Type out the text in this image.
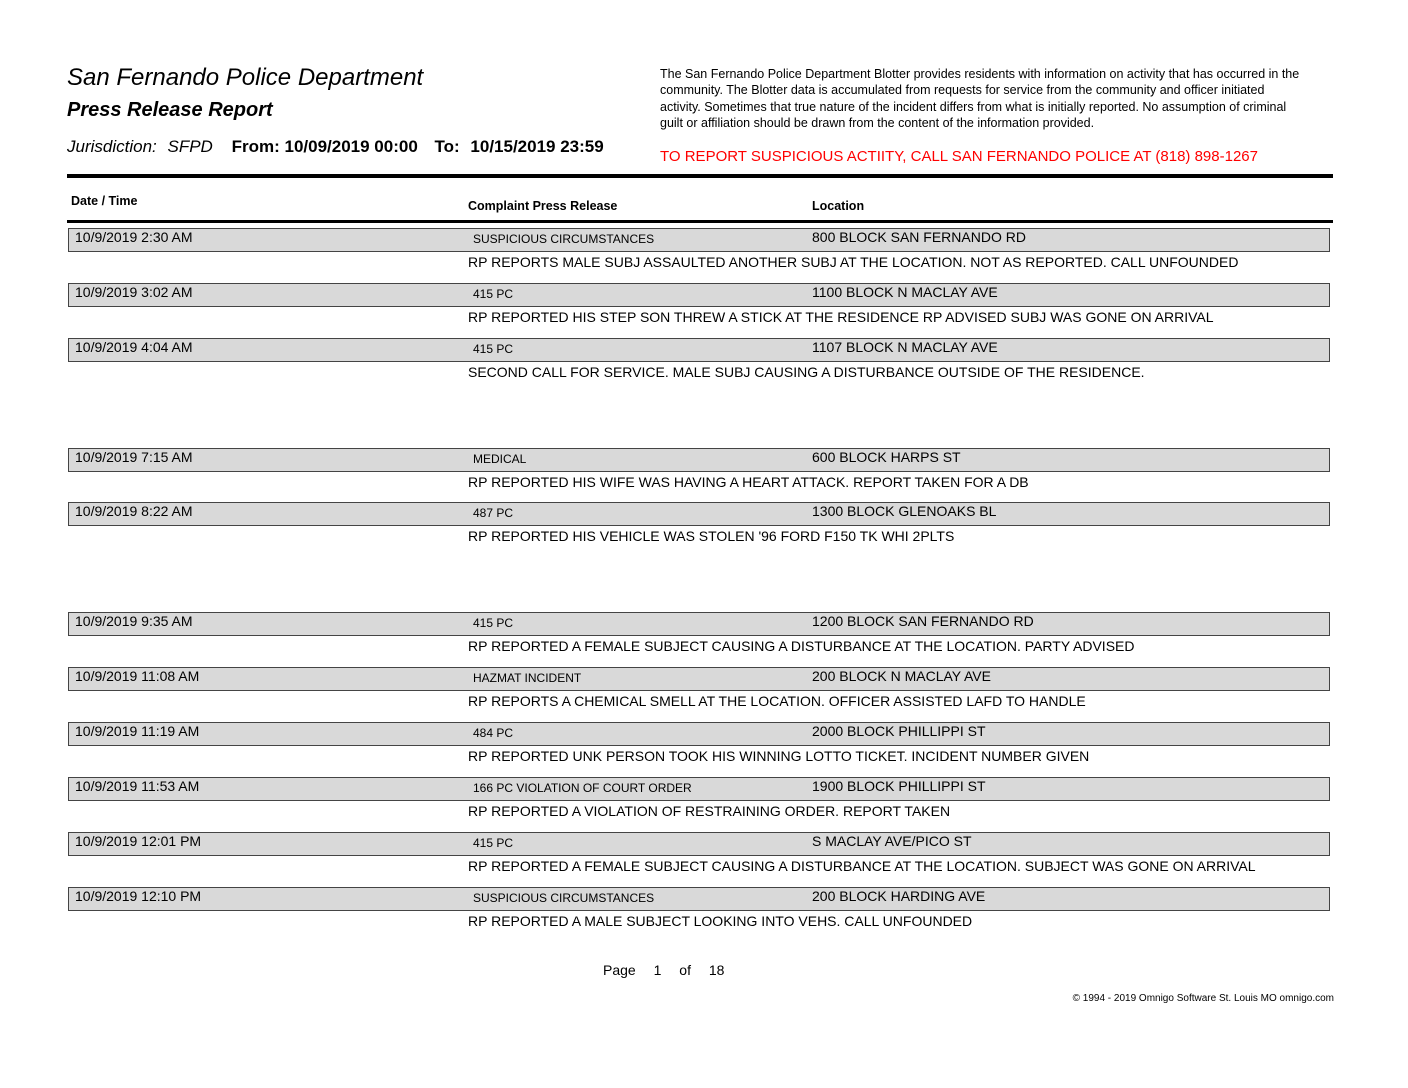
San Fernando Police Department
Press Release Report
Jurisdiction: SFPD From: 10/09/2019 00:00 To: 10/15/2019 23:59

The San Fernando Police Department Blotter provides residents with information on activity that has occurred in the community. The Blotter data is accumulated from requests for service from the community and officer initiated activity. Sometimes that true nature of the incident differs from what is initially reported. No assumption of criminal guilt or affiliation should be drawn from the content of the information provided.

TO REPORT SUSPICIOUS ACTIITY, CALL SAN FERNANDO POLICE AT (818) 898-1267
Date / Time	Complaint Press Release	Location
10/9/2019 2:30 AM	SUSPICIOUS CIRCUMSTANCES	800 BLOCK SAN FERNANDO RD
RP REPORTS MALE SUBJ ASSAULTED ANOTHER SUBJ AT THE LOCATION. NOT AS REPORTED. CALL UNFOUNDED
10/9/2019 3:02 AM	415 PC	1100 BLOCK N MACLAY AVE
RP REPORTED HIS STEP SON THREW A STICK AT THE RESIDENCE RP ADVISED SUBJ WAS GONE ON ARRIVAL
10/9/2019 4:04 AM	415 PC	1107 BLOCK N MACLAY AVE
SECOND CALL FOR SERVICE. MALE SUBJ CAUSING A DISTURBANCE OUTSIDE OF THE RESIDENCE.
10/9/2019 7:15 AM	MEDICAL	600 BLOCK HARPS ST
RP REPORTED HIS WIFE WAS HAVING A HEART ATTACK. REPORT TAKEN FOR A DB
10/9/2019 8:22 AM	487 PC	1300 BLOCK GLENOAKS BL
RP REPORTED HIS VEHICLE WAS STOLEN '96 FORD F150 TK WHI 2PLTS
10/9/2019 9:35 AM	415 PC	1200 BLOCK SAN FERNANDO RD
RP REPORTED A FEMALE SUBJECT CAUSING A DISTURBANCE AT THE LOCATION. PARTY ADVISED
10/9/2019 11:08 AM	HAZMAT INCIDENT	200 BLOCK N MACLAY AVE
RP REPORTS A CHEMICAL SMELL AT THE LOCATION. OFFICER ASSISTED LAFD TO HANDLE
10/9/2019 11:19 AM	484 PC	2000 BLOCK PHILLIPPI ST
RP REPORTED UNK PERSON TOOK HIS WINNING LOTTO TICKET. INCIDENT NUMBER GIVEN
10/9/2019 11:53 AM	166 PC VIOLATION OF COURT ORDER	1900 BLOCK PHILLIPPI ST
RP REPORTED A VIOLATION OF RESTRAINING ORDER. REPORT TAKEN
10/9/2019 12:01 PM	415 PC	S MACLAY AVE/PICO ST
RP REPORTED A FEMALE SUBJECT CAUSING A DISTURBANCE AT THE LOCATION. SUBJECT WAS GONE ON ARRIVAL
10/9/2019 12:10 PM	SUSPICIOUS CIRCUMSTANCES	200 BLOCK HARDING AVE
RP REPORTED A MALE SUBJECT LOOKING INTO VEHS. CALL UNFOUNDED
Page 1 of 18
© 1994 - 2019 Omnigo Software St. Louis MO omnigo.com
